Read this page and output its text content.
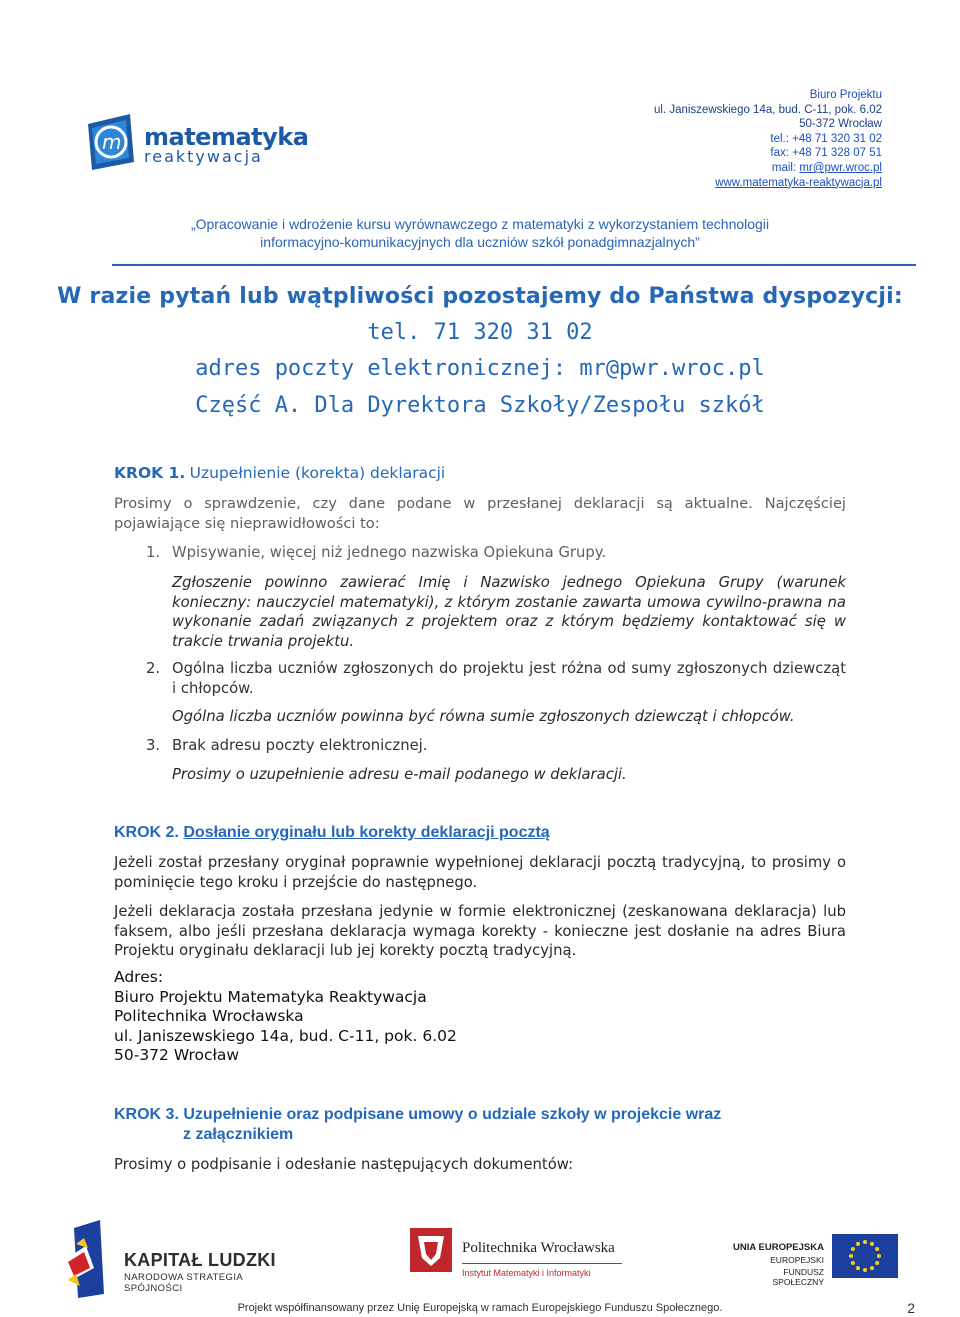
m matematyka
reaktywacja
Biuro Projektu
ul. Janiszewskiego 14a, bud. C-11, pok. 6.02
50-372 Wrocław
tel.: +48 71 320 31 02
fax: +48 71 328 07 51
mail: mr@pwr.wroc.pl
www.matematyka-reaktywacja.pl
„Opracowanie i wdrożenie kursu wyrównawczego z matematyki z wykorzystaniem technologii
informacyjno-komunikacyjnych dla uczniów szkół ponadgimnazjalnych”
W razie pytań lub wątpliwości pozostajemy do Państwa dyspozycji:
tel. 71 320 31 02
adres poczty elektronicznej: mr@pwr.wroc.pl
Część A. Dla Dyrektora Szkoły/Zespołu szkół
KROK 1. Uzupełnienie (korekta) deklaracji
Prosimy o sprawdzenie, czy dane podane w przesłanej deklaracji są aktualne. Najczęściej pojawiające się nieprawidłowości to:
1. Wpisywanie, więcej niż jednego nazwiska Opiekuna Grupy.
Zgłoszenie powinno zawierać Imię i Nazwisko jednego Opiekuna Grupy (warunek konieczny: nauczyciel matematyki), z którym zostanie zawarta umowa cywilno-prawna na wykonanie zadań związanych z projektem oraz z którym będziemy kontaktować się w trakcie trwania projektu.
2. Ogólna liczba uczniów zgłoszonych do projektu jest różna od sumy zgłoszonych dziewcząt i chłopców.
Ogólna liczba uczniów powinna być równa sumie zgłoszonych dziewcząt i chłopców.
3. Brak adresu poczty elektronicznej.
Prosimy o uzupełnienie adresu e-mail podanego w deklaracji.
KROK 2. Dosłanie oryginału lub korekty deklaracji pocztą
Jeżeli został przesłany oryginał poprawnie wypełnionej deklaracji pocztą tradycyjną, to prosimy o pominięcie tego kroku i przejście do następnego.
Jeżeli deklaracja została przesłana jedynie w formie elektronicznej (zeskanowana deklaracja) lub faksem, albo jeśli przesłana deklaracja wymaga korekty - konieczne jest dosłanie na adres Biura Projektu oryginału deklaracji lub jej korekty pocztą tradycyjną.
Adres:
Biuro Projektu Matematyka Reaktywacja
Politechnika Wrocławska
ul. Janiszewskiego 14a, bud. C-11, pok. 6.02
50-372 Wrocław
KROK 3. Uzupełnienie oraz podpisane umowy o udziale szkoły w projekcie wraz
z załącznikiem
Prosimy o podpisanie i odesłanie następujących dokumentów:
KAPITAŁ LUDZKI
NARODOWA STRATEGIA SPÓJNOŚCI
Politechnika Wrocławska
Instytut Matematyki i Informatyki
UNIA EUROPEJSKA
EUROPEJSKI
FUNDUSZ SPOŁECZNY
Projekt współfinansowany przez Unię Europejską w ramach Europejskiego Funduszu Społecznego.	2
